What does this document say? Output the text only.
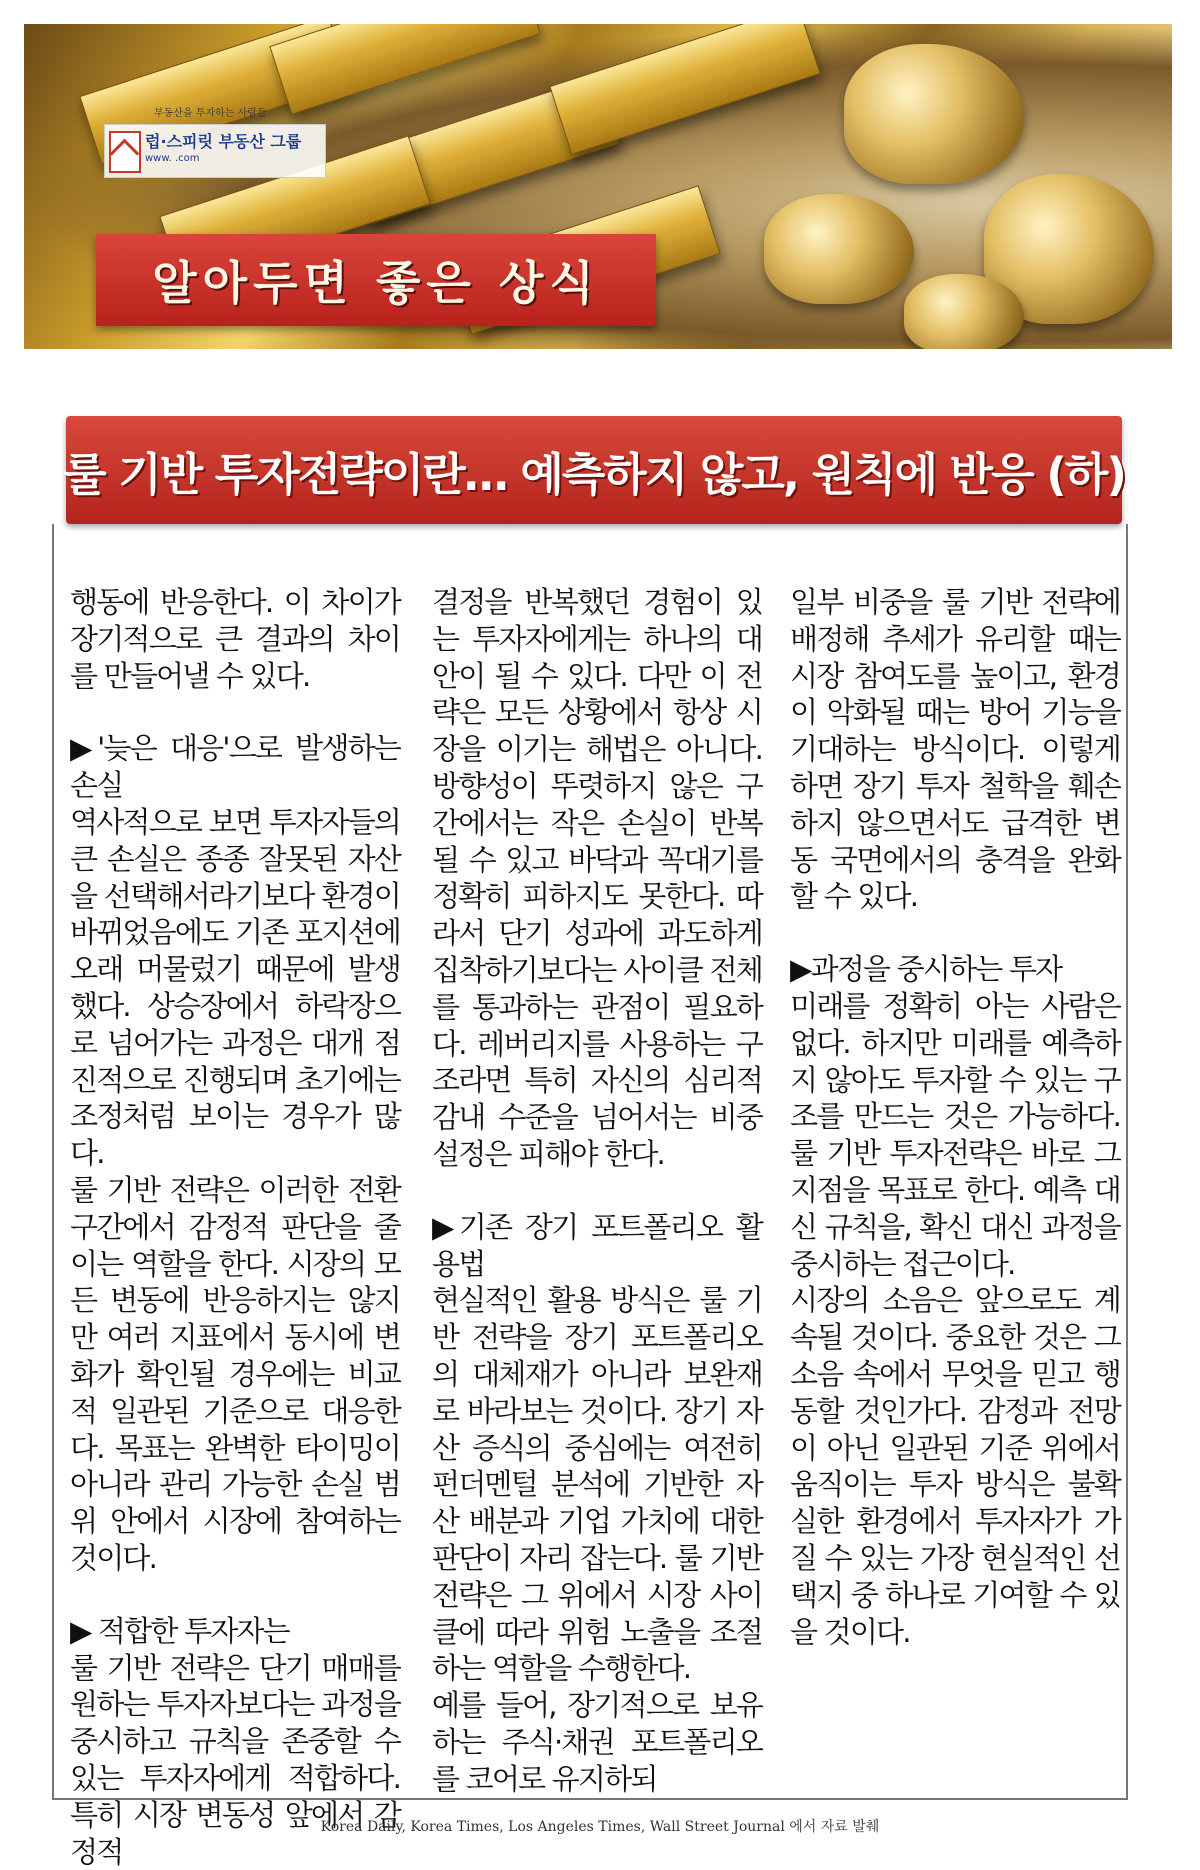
부동산을 투자하는 사람들
럽·스피릿 부동산 그룹
www. .com
알아두면 좋은 상식
룰 기반 투자전략이란… 예측하지 않고, 원칙에 반응 (하)

행동에 반응한다. 이 차이가 장기적으로 큰 결과의 차이를 만들어낼 수 있다.

▶'늦은 대응'으로 발생하는 손실

역사적으로 보면 투자자들의 큰 손실은 종종 잘못된 자산을 선택해서라기보다 환경이 바뀌었음에도 기존 포지션에 오래 머물렀기 때문에 발생했다. 상승장에서 하락장으로 넘어가는 과정은 대개 점진적으로 진행되며 초기에는 조정처럼 보이는 경우가 많다.

룰 기반 전략은 이러한 전환 구간에서 감정적 판단을 줄이는 역할을 한다. 시장의 모든 변동에 반응하지는 않지만 여러 지표에서 동시에 변화가 확인될 경우에는 비교적 일관된 기준으로 대응한다. 목표는 완벽한 타이밍이 아니라 관리 가능한 손실 범위 안에서 시장에 참여하는 것이다.

▶ 적합한 투자자는

룰 기반 전략은 단기 매매를 원하는 투자자보다는 과정을 중시하고 규칙을 존중할 수 있는 투자자에게 적합하다. 특히 시장 변동성 앞에서 감정적

결정을 반복했던 경험이 있는 투자자에게는 하나의 대안이 될 수 있다. 다만 이 전략은 모든 상황에서 항상 시장을 이기는 해법은 아니다. 방향성이 뚜렷하지 않은 구간에서는 작은 손실이 반복될 수 있고 바닥과 꼭대기를 정확히 피하지도 못한다. 따라서 단기 성과에 과도하게 집착하기보다는 사이클 전체를 통과하는 관점이 필요하다. 레버리지를 사용하는 구조라면 특히 자신의 심리적 감내 수준을 넘어서는 비중 설정은 피해야 한다.

▶기존 장기 포트폴리오 활용법

현실적인 활용 방식은 룰 기반 전략을 장기 포트폴리오의 대체재가 아니라 보완재로 바라보는 것이다. 장기 자산 증식의 중심에는 여전히 펀더멘털 분석에 기반한 자산 배분과 기업 가치에 대한 판단이 자리 잡는다. 룰 기반 전략은 그 위에서 시장 사이클에 따라 위험 노출을 조절하는 역할을 수행한다.

예를 들어, 장기적으로 보유하는 주식·채권 포트폴리오를 코어로 유지하되

일부 비중을 룰 기반 전략에 배정해 추세가 유리할 때는 시장 참여도를 높이고, 환경이 악화될 때는 방어 기능을 기대하는 방식이다. 이렇게 하면 장기 투자 철학을 훼손하지 않으면서도 급격한 변동 국면에서의 충격을 완화할 수 있다.

▶과정을 중시하는 투자

미래를 정확히 아는 사람은 없다. 하지만 미래를 예측하지 않아도 투자할 수 있는 구조를 만드는 것은 가능하다. 룰 기반 투자전략은 바로 그 지점을 목표로 한다. 예측 대신 규칙을, 확신 대신 과정을 중시하는 접근이다.

시장의 소음은 앞으로도 계속될 것이다. 중요한 것은 그 소음 속에서 무엇을 믿고 행동할 것인가다. 감정과 전망이 아닌 일관된 기준 위에서 움직이는 투자 방식은 불확실한 환경에서 투자자가 가질 수 있는 가장 현실적인 선택지 중 하나로 기여할 수 있을 것이다.

Korea Daily, Korea Times, Los Angeles Times, Wall Street Journal 에서 자료 발췌
